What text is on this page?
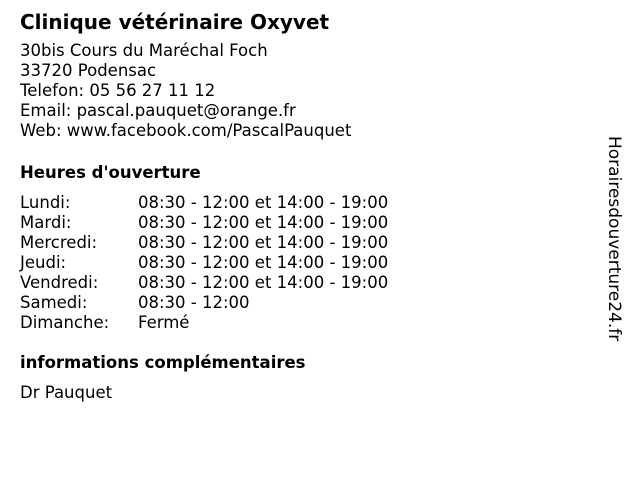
Clinique vétérinaire Oxyvet
30bis Cours du Maréchal Foch
33720 Podensac
Telefon: 05 56 27 11 12
Email: pascal.pauquet@orange.fr
Web: www.facebook.com/PascalPauquet
Heures d'ouverture
Lundi:	08:30 - 12:00 et 14:00 - 19:00
Mardi:	08:30 - 12:00 et 14:00 - 19:00
Mercredi:	08:30 - 12:00 et 14:00 - 19:00
Jeudi:	08:30 - 12:00 et 14:00 - 19:00
Vendredi:	08:30 - 12:00 et 14:00 - 19:00
Samedi:	08:30 - 12:00
Dimanche:	Fermé
informations complémentaires
Dr Pauquet
Horairesdouverture24.fr
